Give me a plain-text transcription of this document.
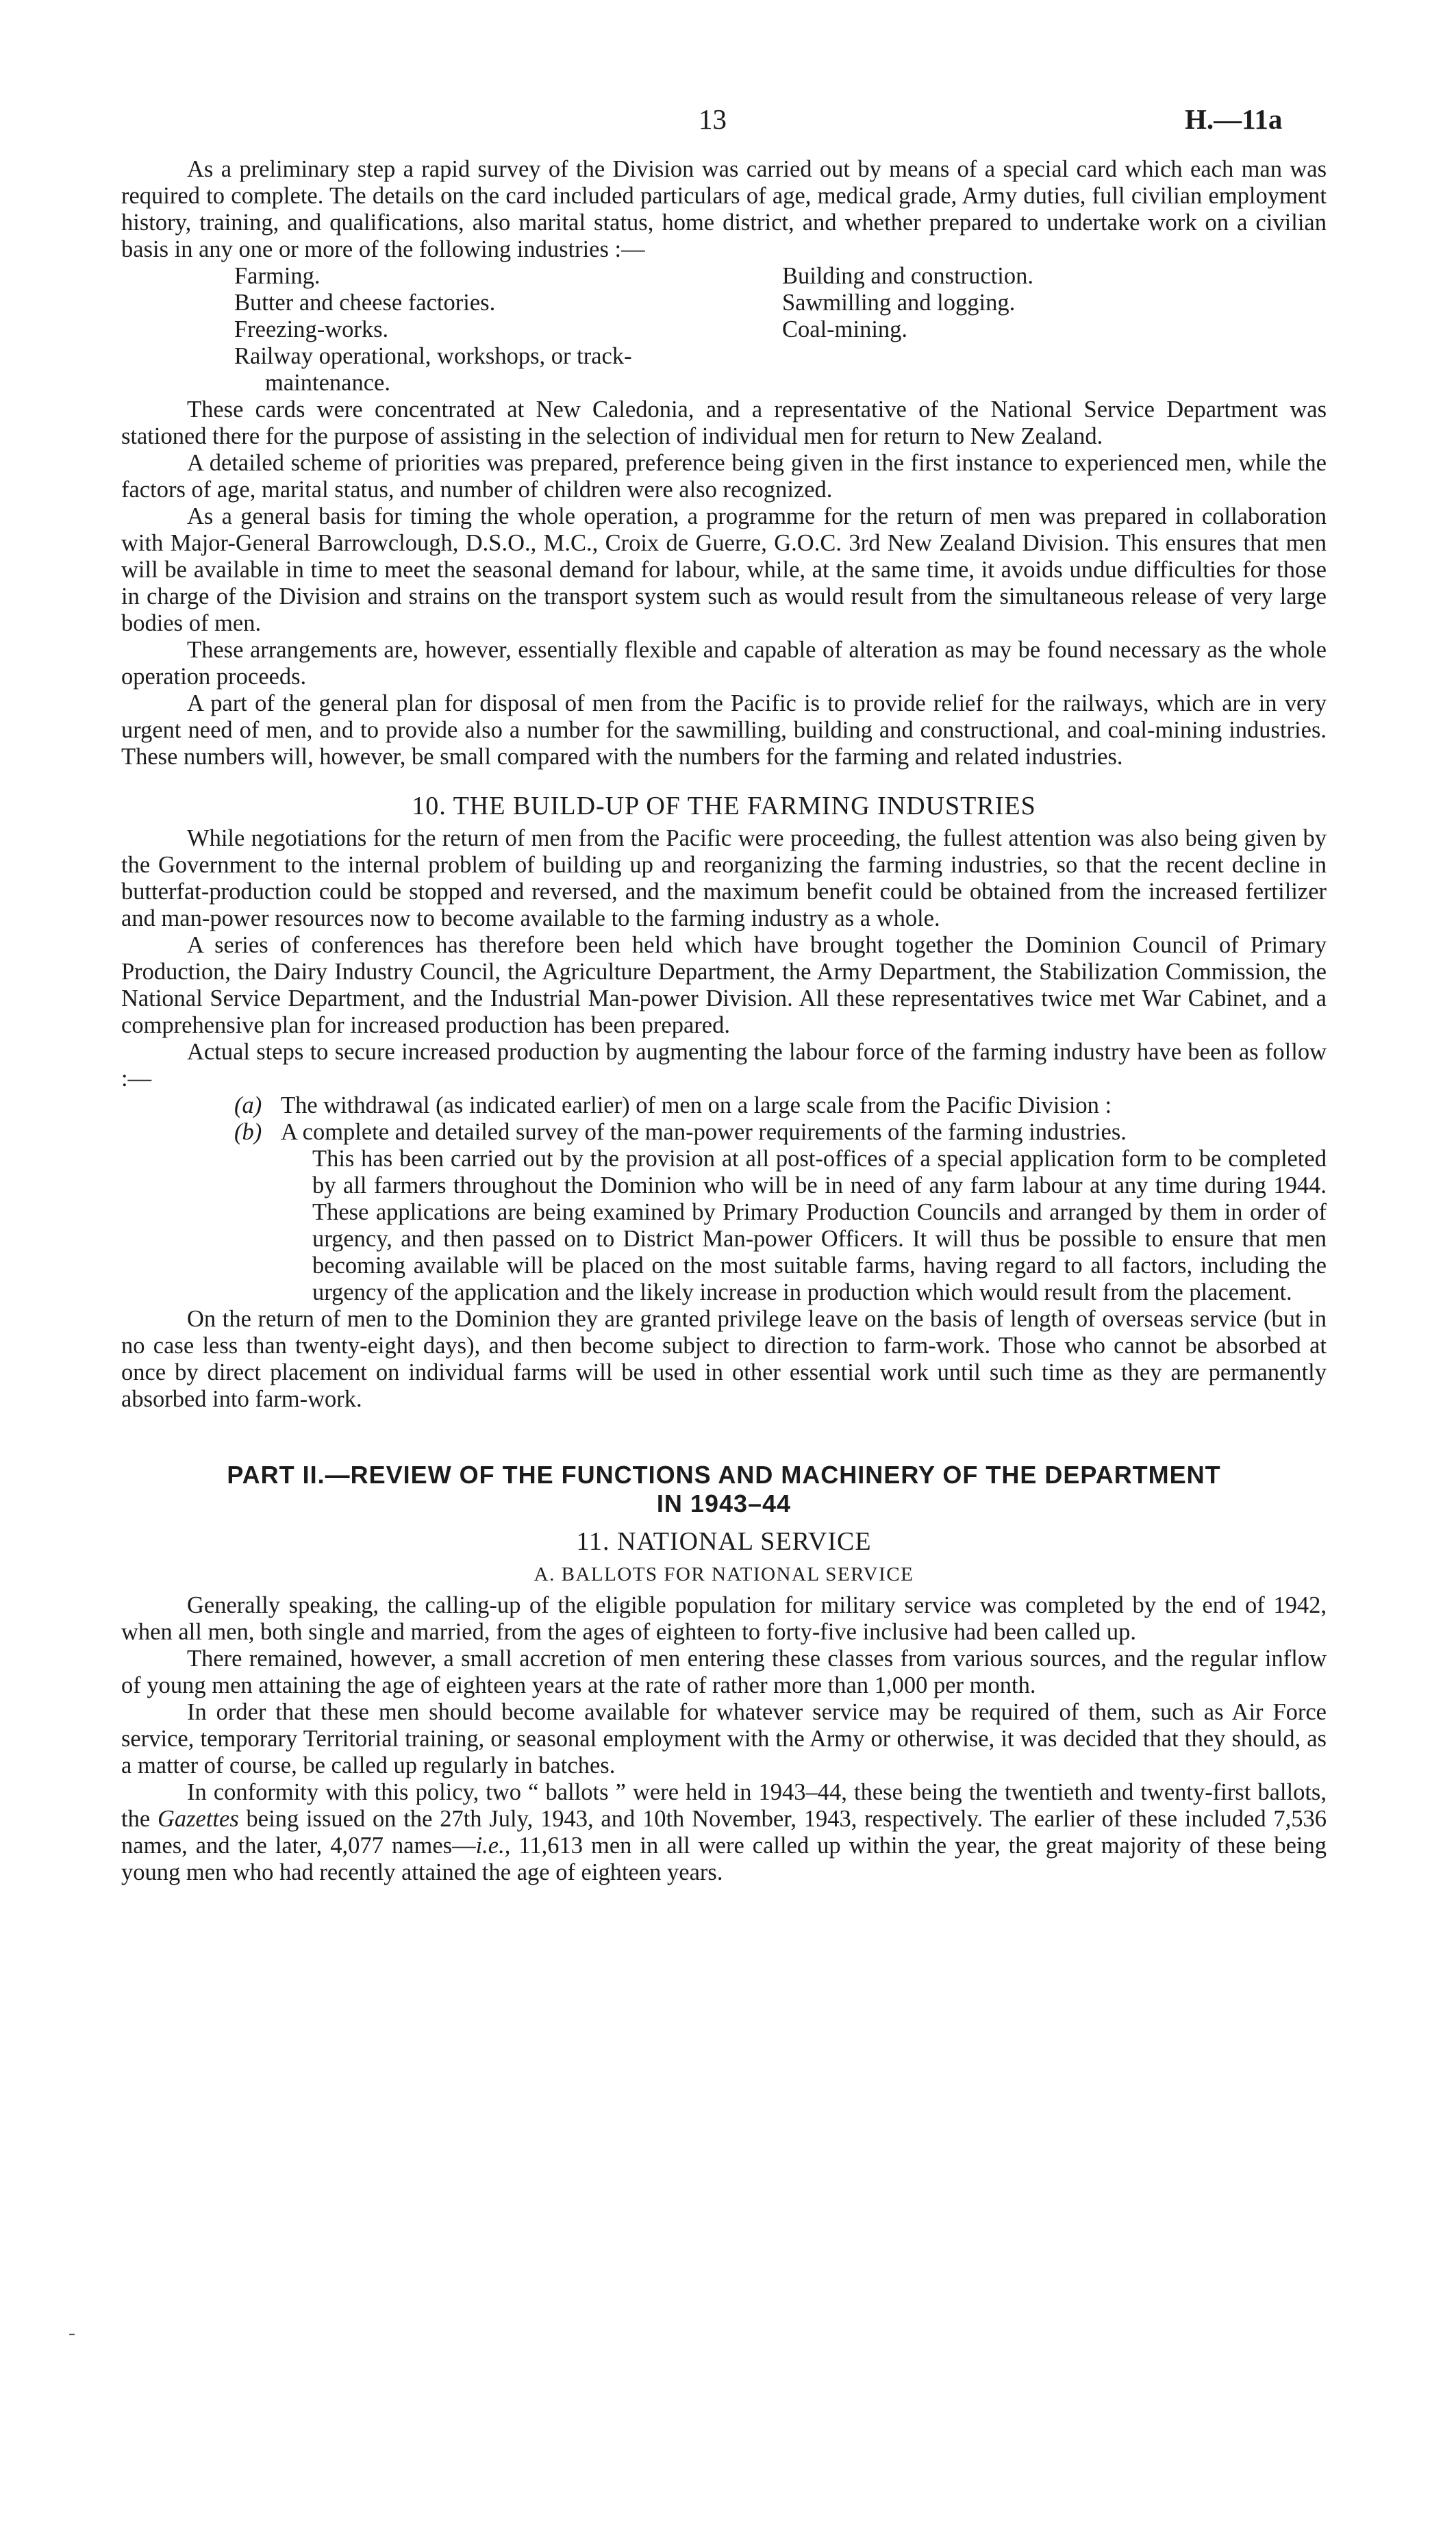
13	H.—11a

As a preliminary step a rapid survey of the Division was carried out by means of a special card which each man was required to complete. The details on the card included particulars of age, medical grade, Army duties, full civilian employment history, training, and qualifications, also marital status, home district, and whether prepared to undertake work on a civilian basis in any one or more of the following industries :—

Farming.
Butter and cheese factories.
Freezing-works.
Railway operational, workshops, or track-
maintenance.
Building and construction.
Sawmilling and logging.
Coal-mining.

These cards were concentrated at New Caledonia, and a representative of the National Service Department was stationed there for the purpose of assisting in the selection of individual men for return to New Zealand.

A detailed scheme of priorities was prepared, preference being given in the first instance to experienced men, while the factors of age, marital status, and number of children were also recognized.

As a general basis for timing the whole operation, a programme for the return of men was prepared in collaboration with Major-General Barrowclough, D.S.O., M.C., Croix de Guerre, G.O.C. 3rd New Zealand Division. This ensures that men will be available in time to meet the seasonal demand for labour, while, at the same time, it avoids undue difficulties for those in charge of the Division and strains on the transport system such as would result from the simultaneous release of very large bodies of men.

These arrangements are, however, essentially flexible and capable of alteration as may be found necessary as the whole operation proceeds.

A part of the general plan for disposal of men from the Pacific is to provide relief for the railways, which are in very urgent need of men, and to provide also a number for the sawmilling, building and constructional, and coal-mining industries. These numbers will, however, be small compared with the numbers for the farming and related industries.

10. THE BUILD-UP OF THE FARMING INDUSTRIES

While negotiations for the return of men from the Pacific were proceeding, the fullest attention was also being given by the Government to the internal problem of building up and reorganizing the farming industries, so that the recent decline in butterfat-production could be stopped and reversed, and the maximum benefit could be obtained from the increased fertilizer and man-power resources now to become available to the farming industry as a whole.

A series of conferences has therefore been held which have brought together the Dominion Council of Primary Production, the Dairy Industry Council, the Agriculture Department, the Army Department, the Stabilization Commission, the National Service Department, and the Industrial Man-power Division. All these representatives twice met War Cabinet, and a comprehensive plan for increased production has been prepared.

Actual steps to secure increased production by augmenting the labour force of the farming industry have been as follow :—

(a) The withdrawal (as indicated earlier) of men on a large scale from the Pacific Division :
(b) A complete and detailed survey of the man-power requirements of the farming industries.
This has been carried out by the provision at all post-offices of a special application form to be completed by all farmers throughout the Dominion who will be in need of any farm labour at any time during 1944. These applications are being examined by Primary Production Councils and arranged by them in order of urgency, and then passed on to District Man-power Officers. It will thus be possible to ensure that men becoming available will be placed on the most suitable farms, having regard to all factors, including the urgency of the application and the likely increase in production which would result from the placement.

On the return of men to the Dominion they are granted privilege leave on the basis of length of overseas service (but in no case less than twenty-eight days), and then become subject to direction to farm-work. Those who cannot be absorbed at once by direct placement on individual farms will be used in other essential work until such time as they are permanently absorbed into farm-work.

PART II.—REVIEW OF THE FUNCTIONS AND MACHINERY OF THE DEPARTMENT
IN 1943–44
11. NATIONAL SERVICE
A. BALLOTS FOR NATIONAL SERVICE

Generally speaking, the calling-up of the eligible population for military service was completed by the end of 1942, when all men, both single and married, from the ages of eighteen to forty-five inclusive had been called up.

There remained, however, a small accretion of men entering these classes from various sources, and the regular inflow of young men attaining the age of eighteen years at the rate of rather more than 1,000 per month.

In order that these men should become available for whatever service may be required of them, such as Air Force service, temporary Territorial training, or seasonal employment with the Army or otherwise, it was decided that they should, as a matter of course, be called up regularly in batches.

In conformity with this policy, two “ ballots ” were held in 1943–44, these being the twentieth and twenty-first ballots, the Gazettes being issued on the 27th July, 1943, and 10th November, 1943, respectively. The earlier of these included 7,536 names, and the later, 4,077 names—i.e., 11,613 men in all were called up within the year, the great majority of these being young men who had recently attained the age of eighteen years.

-
